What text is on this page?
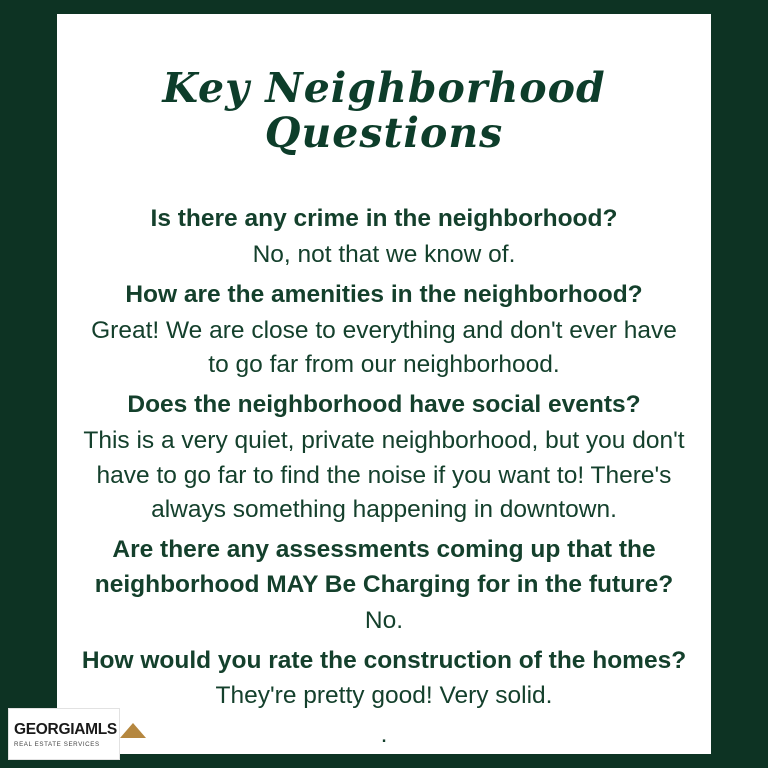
Key Neighborhood Questions

Is there any crime in the neighborhood?

No, not that we know of.

How are the amenities in the neighborhood?

Great! We are close to everything and don't ever have to go far from our neighborhood.

Does the neighborhood have social events?

This is a very quiet, private neighborhood, but you don't have to go far to find the noise if you want to! There's always something happening in downtown.

Are there any assessments coming up that the neighborhood MAY Be Charging for in the future?

No.

How would you rate the construction of the homes?

They're pretty good! Very solid.

.
GEORGIAMLS
REAL ESTATE SERVICES
